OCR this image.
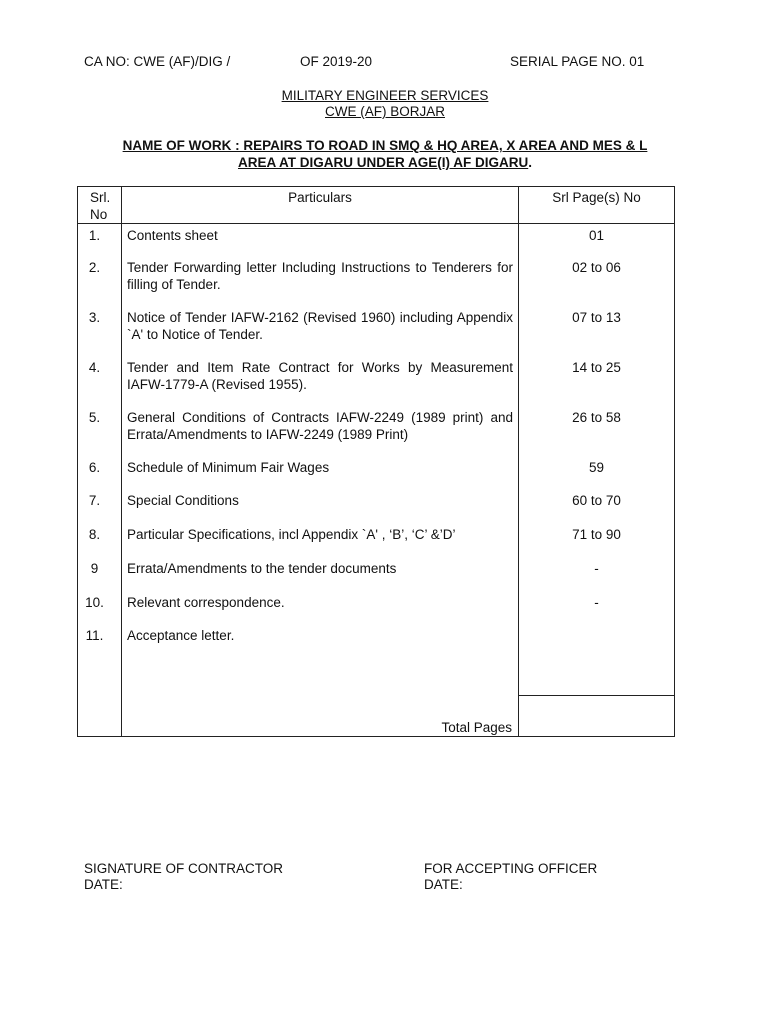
CA NO: CWE (AF)/DIG /	OF 2019-20	SERIAL PAGE NO. 01
MILITARY ENGINEER SERVICES
CWE (AF) BORJAR
NAME OF WORK : REPAIRS TO ROAD IN SMQ & HQ AREA, X AREA AND MES & L
AREA AT DIGARU UNDER AGE(I) AF DIGARU.
Srl.
No	Particulars	Srl Page(s) No
1.	Contents sheet	01
2.	Tender Forwarding letter Including Instructions to Tenderers for filling of Tender.	02 to 06
3.	Notice of Tender IAFW-2162 (Revised 1960) including Appendix `A' to Notice of Tender.	07 to 13
4.	Tender and Item Rate Contract for Works by Measurement IAFW-1779-A (Revised 1955).	14 to 25
5.	General Conditions of Contracts IAFW-2249 (1989 print) and Errata/Amendments to IAFW-2249 (1989 Print)	26 to 58
6.	Schedule of Minimum Fair Wages	59
7.	Special Conditions	60 to 70
8.	Particular Specifications, incl Appendix `A' , ‘B’, ‘C’ &’D’	71 to 90
9	Errata/Amendments to the tender documents	-
10.	Relevant correspondence.	-
11.	Acceptance letter.	
	Total Pages	
SIGNATURE OF CONTRACTOR
DATE:
FOR ACCEPTING OFFICER
DATE:
